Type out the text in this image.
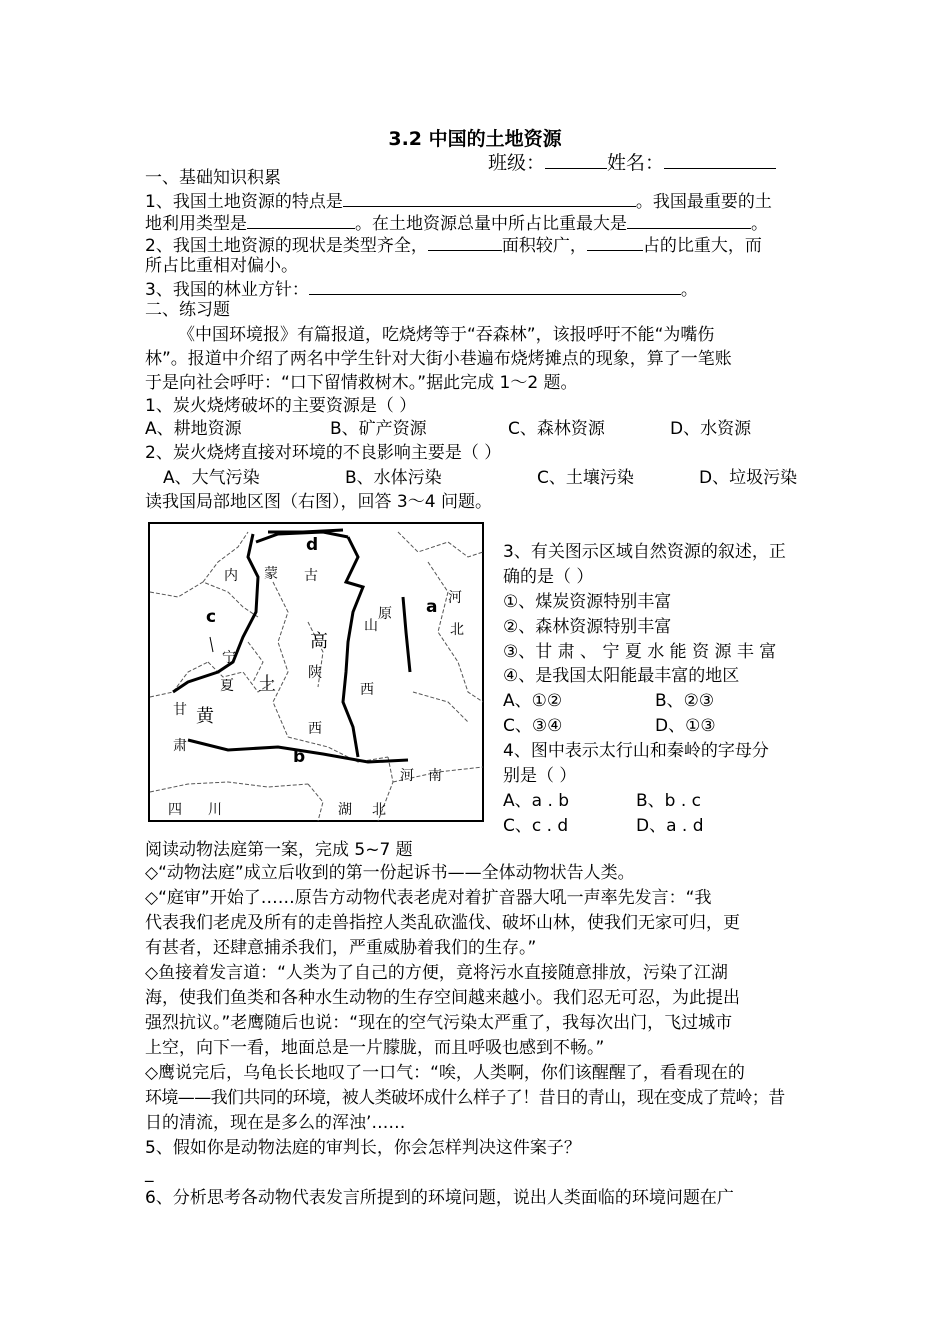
3.2 中国的土地资源
班级：	姓名：
一、基础知识积累
1、我国土地资源的特点是	。我国最重要的土
地利用类型是	。在土地资源总量中所占比重最大是	。
2、我国土地资源的现状是类型齐全，	面积较广，	占的比重大，而
所占比重相对偏小。
3、我国的林业方针：	。
二、练习题
《中国环境报》有篇报道，吃烧烤等于“吞森林”，该报呼吁不能“为嘴伤
林”。报道中介绍了两名中学生针对大街小巷遍布烧烤摊点的现象，算了一笔账
于是向社会呼吁：“口下留情救树木。”据此完成 1～2 题。
1、炭火烧烤破坏的主要资源是（ ）
A、耕地资源	B、矿产资源	C、森林资源	D、水资源
2、炭火烧烤直接对环境的不良影响主要是（ ）
A、大气污染	B、水体污染	C、土壤污染	D、垃圾污染
读我国局部地区图（右图），回答 3～4 问题。
a
b
c
d
内 蒙 古
山
原
西
河
北
宁
夏
甘
肃
陕
西
四 川	湖 北
河 南
黄
土
高
3、有关图示区域自然资源的叙述，正
确的是（ ）
①、煤炭资源特别丰富
②、森林资源特别丰富
③、甘 肃 、 宁 夏 水 能 资 源 丰 富
④、是我国太阳能最丰富的地区
A、①②	B、②③
C、③④	D、①③
4、图中表示太行山和秦岭的字母分
别是（ ）
A、a . b	B、b . c
C、c . d	D、a . d
阅读动物法庭第一案，完成 5~7 题
◇“动物法庭”成立后收到的第一份起诉书——全体动物状告人类。
◇“庭审”开始了……原告方动物代表老虎对着扩音器大吼一声率先发言：“我
代表我们老虎及所有的走兽指控人类乱砍滥伐、破坏山林，使我们无家可归，更
有甚者，还肆意捕杀我们，严重威胁着我们的生存。”
◇鱼接着发言道：“人类为了自己的方便，竟将污水直接随意排放，污染了江湖
海，使我们鱼类和各种水生动物的生存空间越来越小。我们忍无可忍，为此提出
强烈抗议。”老鹰随后也说：“现在的空气污染太严重了，我每次出门，飞过城市
上空，向下一看，地面总是一片朦胧，而且呼吸也感到不畅。”
◇鹰说完后，乌龟长长地叹了一口气：“唉，人类啊，你们该醒醒了，看看现在的
环境——我们共同的环境，被人类破坏成什么样子了！昔日的青山，现在变成了荒岭；昔
日的清流，现在是多么的浑浊’……
5、假如你是动物法庭的审判长，你会怎样判决这件案子？
_
6、分析思考各动物代表发言所提到的环境问题，说出人类面临的环境问题在广
